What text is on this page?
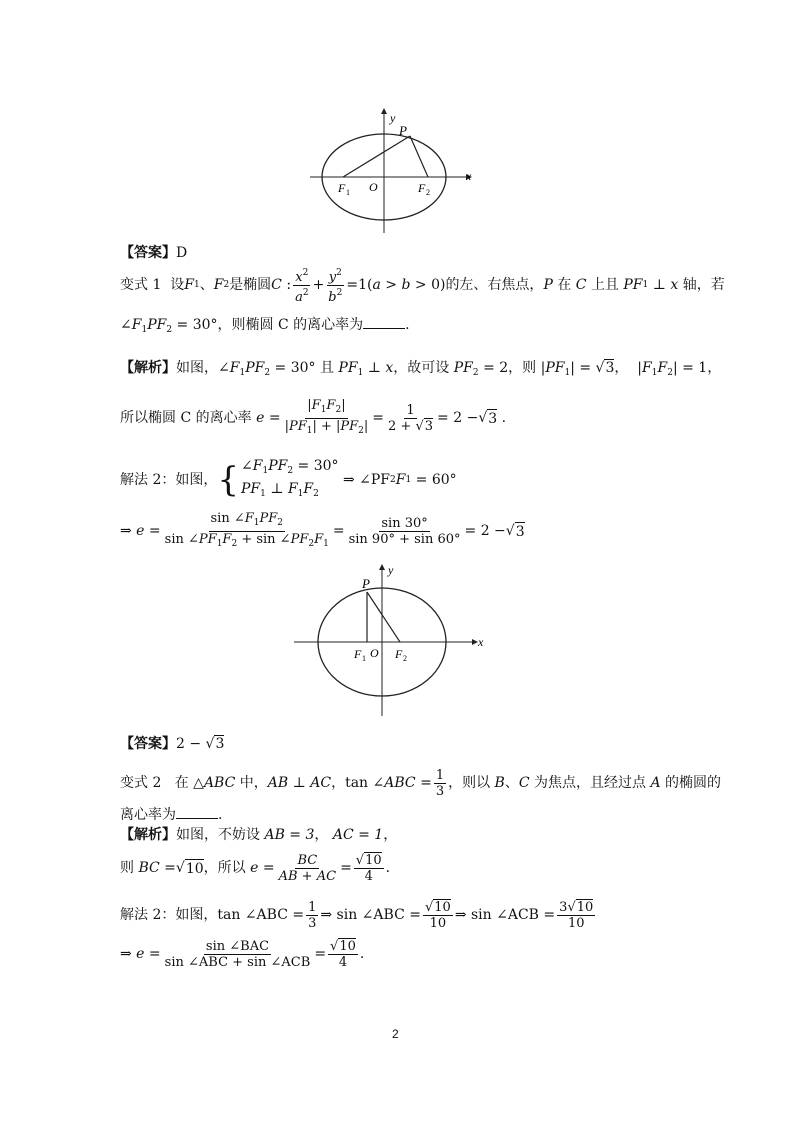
y
x
P
F 1 O	F 2
【答案】D
变式 1
设 F 1 、 F 2 是椭圆 C : $\frac{x^2}{a^2} + \frac{y^2}{b^2} =1$( a > b > 0) 的左、右焦点， P
在
C
上且
PF 1 ⊥ x
轴，若
$\angle F_1PF_2 = 30^\circ$，则椭圆 C 的离心率为	.
【解析】如图，$\angle F_1PF_2 = 30^\circ$ 且 $PF_1$ ⊥ x，故可设 $PF_2 = 2$，则 $|PF_1| = √3$，  $|F_1F_2| = 1$，
所以椭圆 C 的离心率
$e = \frac{|F_1F_2|}{|PF_1| + |PF_2|} = \frac{1}{2 + √3} = 2$ − √ 3
.
解法 2：如图， { $\angle F_1PF_2 = 30^\circ$
$PF_1$ ⊥ $F_1F_2$

⇒ ∠PF 2 F 1
= 60°
⇒ $e = \frac{\sin \angle F_1PF_2}{\sin \angle PF_1F_2 + \sin \angle PF_2F_1} = \frac{\sin 30^\circ}{\sin 90^\circ + \sin 60^\circ} = 2$ − √ 3
y
x
P
F 1 O F 2
【答案】2 − √3
变式 2
在
△ABC
中， AB ⊥ AC ， tan ∠ ABC = $\frac{1}{3}$ ，则以
B 、 C
为焦点，且经过点
A
的椭圆的
离心率为	.
【解析】如图，不妨设 AB = 3， AC = 1，
则
BC = √ 10 ，所以
$e = \frac{BC}{AB + AC} = \frac{√10}{4}$ .
解法 2：如图， tan ∠ABC = $\frac{1}{3}$ ⇒ sin ∠ABC = $\frac{√10}{10}$ ⇒ sin ∠ACB = $\frac{3√10}{10}$
⇒ $e = \frac{\text{sin ∠BAC}}{\text{sin ∠ABC + sin ∠ACB}} = \frac{√10}{4}$ .
2
